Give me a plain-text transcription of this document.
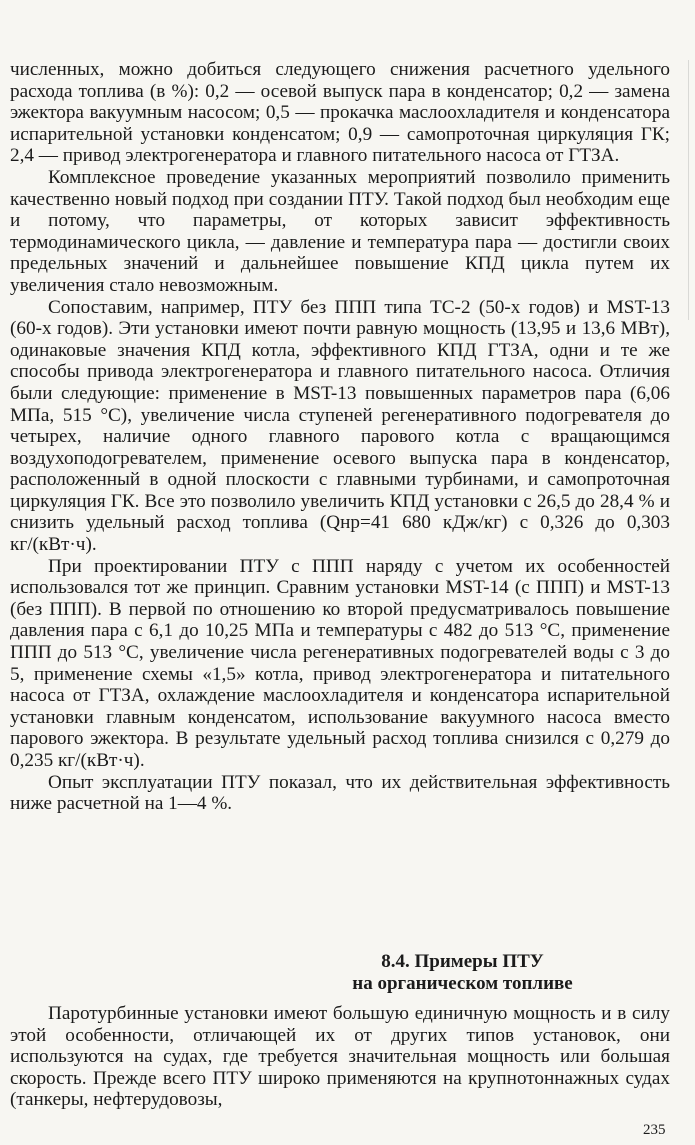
численных, можно добиться следующего снижения расчетного удельного расхода топлива (в %): 0,2 — осевой выпуск пара в конденсатор; 0,2 — замена эжектора вакуумным насосом; 0,5 — прокачка маслоохладителя и конденсатора испарительной установки конденсатом; 0,9 — самопроточная циркуляция ГК; 2,4 — привод электрогенератора и главного питательного насоса от ГТЗА.

Комплексное проведение указанных мероприятий позволило применить качественно новый подход при создании ПТУ. Такой подход был необходим еще и потому, что параметры, от которых зависит эффективность термодинамического цикла, — давление и температура пара — достигли своих предельных значений и дальнейшее повышение КПД цикла путем их увеличения стало невозможным.

Сопоставим, например, ПТУ без ППП типа ТС-2 (50-х годов) и MST-13 (60-х годов). Эти установки имеют почти равную мощность (13,95 и 13,6 МВт), одинаковые значения КПД котла, эффективного КПД ГТЗА, одни и те же способы привода электрогенератора и главного питательного насоса. Отличия были следующие: применение в MST-13 повышенных параметров пара (6,06 МПа, 515 °С), увеличение числа ступеней регенеративного подогревателя до четырех, наличие одного главного парового котла с вращающимся воздухоподогревателем, применение осевого выпуска пара в конденсатор, расположенный в одной плоскости с главными турбинами, и самопроточная циркуляция ГК. Все это позволило увеличить КПД установки с 26,5 до 28,4 % и снизить удельный расход топлива (Qнр=41 680 кДж/кг) с 0,326 до 0,303 кг/(кВт·ч).

При проектировании ПТУ с ППП наряду с учетом их особенностей использовался тот же принцип. Сравним установки MST-14 (с ППП) и MST-13 (без ППП). В первой по отношению ко второй предусматривалось повышение давления пара с 6,1 до 10,25 МПа и температуры с 482 до 513 °С, применение ППП до 513 °С, увеличение числа регенеративных подогревателей воды с 3 до 5, применение схемы «1,5» котла, привод электрогенератора и питательного насоса от ГТЗА, охлаждение маслоохладителя и конденсатора испарительной установки главным конденсатом, использование вакуумного насоса вместо парового эжектора. В результате удельный расход топлива снизился с 0,279 до 0,235 кг/(кВт·ч).

Опыт эксплуатации ПТУ показал, что их действительная эффективность ниже расчетной на 1—4 %.

8.4. Примеры ПТУ
на органическом топливе

Паротурбинные установки имеют большую единичную мощность и в силу этой особенности, отличающей их от других типов установок, они используются на судах, где требуется значительная мощность или большая скорость. Прежде всего ПТУ широко применяются на крупнотоннажных судах (танкеры, нефтерудовозы,

235
